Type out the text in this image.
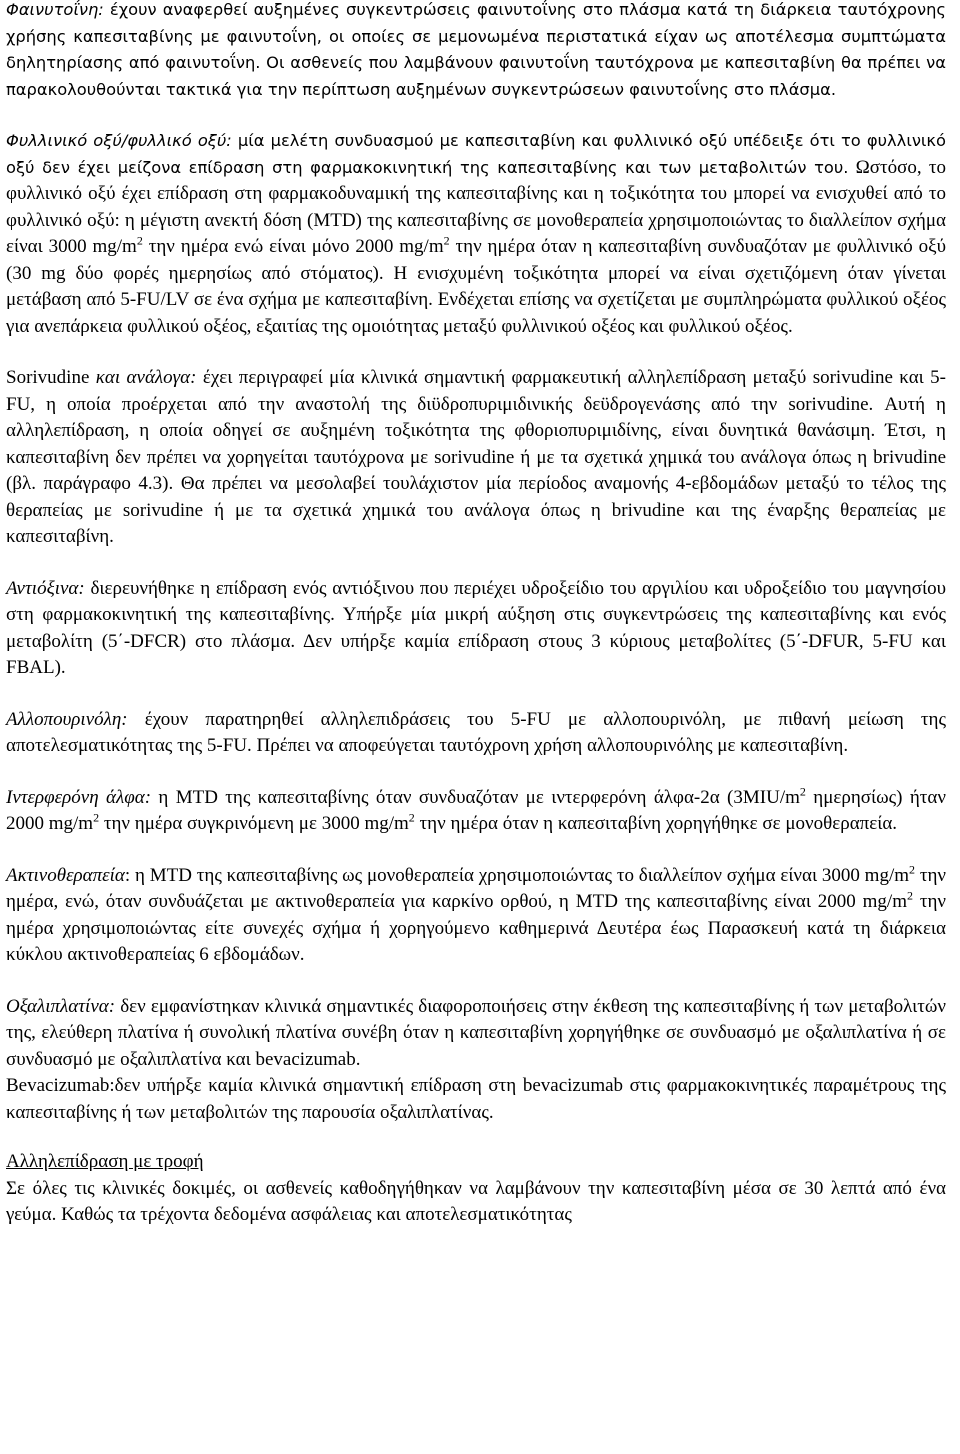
Φαινυτοΐνη: έχουν αναφερθεί αυξημένες συγκεντρώσεις φαινυτοΐνης στο πλάσμα κατά τη διάρκεια ταυτόχρονης χρήσης καπεσιταβίνης με φαινυτοΐνη, οι οποίες σε μεμονωμένα περιστατικά είχαν ως αποτέλεσμα συμπτώματα δηλητηρίασης από φαινυτοΐνη. Οι ασθενείς που λαμβάνουν φαινυτοΐνη ταυτόχρονα με καπεσιταβίνη θα πρέπει να παρακολουθούνται τακτικά για την περίπτωση αυξημένων συγκεντρώσεων φαινυτοΐνης στο πλάσμα.

Φυλλινικό οξύ/φυλλικό οξύ: μία μελέτη συνδυασμού με καπεσιταβίνη και φυλλινικό οξύ υπέδειξε ότι το φυλλινικό οξύ δεν έχει μείζονα επίδραση στη φαρμακοκινητική της καπεσιταβίνης και των μεταβολιτών του. Ωστόσο, το φυλλινικό οξύ έχει επίδραση στη φαρμακοδυναμική της καπεσιταβίνης και η τοξικότητα του μπορεί να ενισχυθεί από το φυλλινικό οξύ: η μέγιστη ανεκτή δόση (MTD) της καπεσιταβίνης σε μονοθεραπεία χρησιμοποιώντας το διαλλείπον σχήμα είναι 3000 $mg/m^2$ την ημέρα ενώ είναι μόνο 2000 $mg/m^2$ την ημέρα όταν η καπεσιταβίνη συνδυαζόταν με φυλλινικό οξύ (30 mg δύο φορές ημερησίως από στόματος). Η ενισχυμένη τοξικότητα μπορεί να είναι σχετιζόμενη όταν γίνεται μετάβαση από 5-FU/LV σε ένα σχήμα με καπεσιταβίνη. Ενδέχεται επίσης να σχετίζεται με συμπληρώματα φυλλικού οξέος για ανεπάρκεια φυλλικού οξέος, εξαιτίας της ομοιότητας μεταξύ φυλλινικού οξέος και φυλλικού οξέος.

Sorivudine και ανάλογα: έχει περιγραφεί μία κλινικά σημαντική φαρμακευτική αλληλεπίδραση μεταξύ sorivudine και 5-FU, η οποία προέρχεται από την αναστολή της διϋδροπυριμιδινικής δεϋδρογενάσης από την sorivudine. Αυτή η αλληλεπίδραση, η οποία οδηγεί σε αυξημένη τοξικότητα της φθοριοπυριμιδίνης, είναι δυνητικά θανάσιμη. Έτσι, η καπεσιταβίνη δεν πρέπει να χορηγείται ταυτόχρονα με sorivudine ή με τα σχετικά χημικά του ανάλογα όπως η brivudine (βλ. παράγραφο 4.3). Θα πρέπει να μεσολαβεί τουλάχιστον μία περίοδος αναμονής 4-εβδομάδων μεταξύ το τέλος της θεραπείας με sorivudine ή με τα σχετικά χημικά του ανάλογα όπως η brivudine και της έναρξης θεραπείας με καπεσιταβίνη.

Αντιόξινα: διερευνήθηκε η επίδραση ενός αντιόξινου που περιέχει υδροξείδιο του αργιλίου και υδροξείδιο του μαγνησίου στη φαρμακοκινητική της καπεσιταβίνης. Υπήρξε μία μικρή αύξηση στις συγκεντρώσεις της καπεσιταβίνης και ενός μεταβολίτη (5΄-DFCR) στο πλάσμα. Δεν υπήρξε καμία επίδραση στους 3 κύριους μεταβολίτες (5΄-DFUR, 5-FU και FBAL).

Αλλοπουρινόλη: έχουν παρατηρηθεί αλληλεπιδράσεις του 5-FU με αλλοπουρινόλη, με πιθανή μείωση της αποτελεσματικότητας της 5-FU. Πρέπει να αποφεύγεται ταυτόχρονη χρήση αλλοπουρινόλης με καπεσιταβίνη.

Ιντερφερόνη άλφα: η MTD της καπεσιταβίνης όταν συνδυαζόταν με ιντερφερόνη άλφα-2α ($3MIU/m^2$ ημερησίως) ήταν 2000 $mg/m^2$ την ημέρα συγκρινόμενη με 3000 $mg/m^2$ την ημέρα όταν η καπεσιταβίνη χορηγήθηκε σε μονοθεραπεία.

Ακτινοθεραπεία: η MTD της καπεσιταβίνης ως μονοθεραπεία χρησιμοποιώντας το διαλλείπον σχήμα είναι 3000 $mg/m^2$ την ημέρα, ενώ, όταν συνδυάζεται με ακτινοθεραπεία για καρκίνο ορθού, η MTD της καπεσιταβίνης είναι 2000 $mg/m^2$ την ημέρα χρησιμοποιώντας είτε συνεχές σχήμα ή χορηγούμενο καθημερινά Δευτέρα έως Παρασκευή κατά τη διάρκεια κύκλου ακτινοθεραπείας 6 εβδομάδων.

Οξαλιπλατίνα: δεν εμφανίστηκαν κλινικά σημαντικές διαφοροποιήσεις στην έκθεση της καπεσιταβίνης ή των μεταβολιτών της, ελεύθερη πλατίνα ή συνολική πλατίνα συνέβη όταν η καπεσιταβίνη χορηγήθηκε σε συνδυασμό με οξαλιπλατίνα ή σε συνδυασμό με οξαλιπλατίνα και bevacizumab.

Bevacizumab:δεν υπήρξε καμία κλινικά σημαντική επίδραση στη bevacizumab στις φαρμακοκινητικές παραμέτρους της καπεσιταβίνης ή των μεταβολιτών της παρουσία οξαλιπλατίνας.

Αλληλεπίδραση με τροφή
Σε όλες τις κλινικές δοκιμές, οι ασθενείς καθοδηγήθηκαν να λαμβάνουν την καπεσιταβίνη μέσα σε 30 λεπτά από ένα γεύμα. Καθώς τα τρέχοντα δεδομένα ασφάλειας και αποτελεσματικότητας
